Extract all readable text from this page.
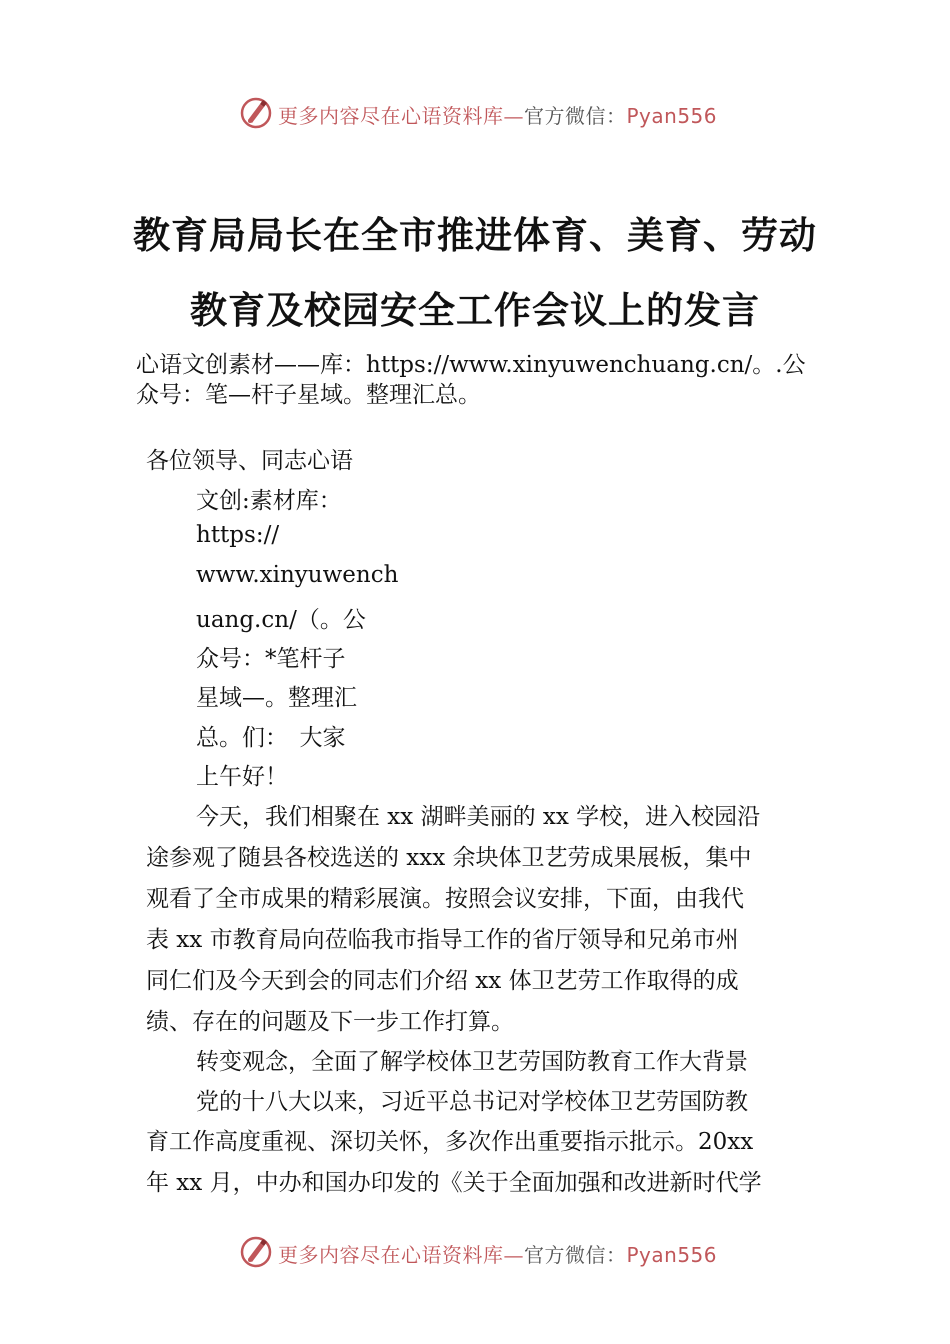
更多内容尽在心语资料库—官方微信：Pyan556
教育局局长在全市推进体育、美育、劳动
教育及校园安全工作会议上的发言
心语文创素材——库：https://www.xinyuwenchuang.cn/。.公
众号：笔—杆子星域。整理汇总。
各位领导、同志心语
文创:素材库：
https://
www.xinyuwench
uang.cn/（。公
众号：*笔杆子
星域—。整理汇
总。们：　大家
上午好！
今天，我们相聚在 xx 湖畔美丽的 xx 学校，进入校园沿
途参观了随县各校选送的 xxx 余块体卫艺劳成果展板，集中
观看了全市成果的精彩展演。按照会议安排，下面，由我代
表 xx 市教育局向莅临我市指导工作的省厅领导和兄弟市州
同仁们及今天到会的同志们介绍 xx 体卫艺劳工作取得的成
绩、存在的问题及下一步工作打算。
转变观念，全面了解学校体卫艺劳国防教育工作大背景
党的十八大以来，习近平总书记对学校体卫艺劳国防教
育工作高度重视、深切关怀，多次作出重要指示批示。20xx
年 xx 月，中办和国办印发的《关于全面加强和改进新时代学
更多内容尽在心语资料库—官方微信：Pyan556
